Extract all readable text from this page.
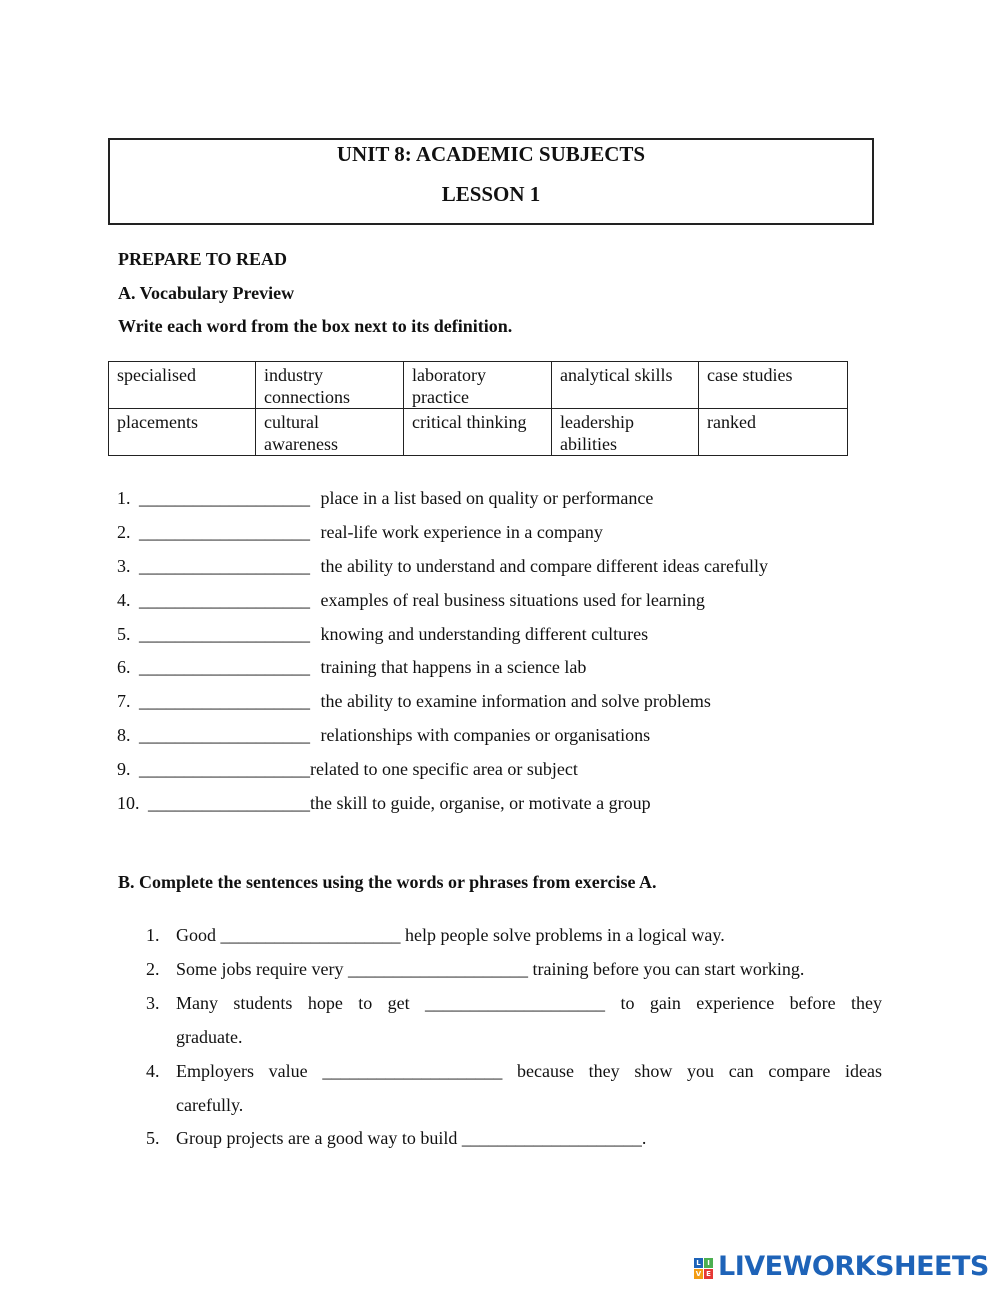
UNIT 8: ACADEMIC SUBJECTS
LESSON 1
PREPARE TO READ
A. Vocabulary Preview
Write each word from the box next to its definition.
specialised	industry connections	laboratory practice	analytical skills	case studies
placements	cultural awareness	critical thinking	leadership abilities	ranked
1. ___________________ place in a list based on quality or performance
2. ___________________ real-life work experience in a company
3. ___________________ the ability to understand and compare different ideas carefully
4. ___________________ examples of real business situations used for learning
5. ___________________ knowing and understanding different cultures
6. ___________________ training that happens in a science lab
7. ___________________ the ability to examine information and solve problems
8. ___________________ relationships with companies or organisations
9. ___________________related to one specific area or subject
10. __________________the skill to guide, organise, or motivate a group
B. Complete the sentences using the words or phrases from exercise A.
1. Good ____________________ help people solve problems in a logical way.
2. Some jobs require very ____________________ training before you can start working.
3. Many students hope to get ____________________ to gain experience before they
graduate.
4. Employers value ____________________ because they show you can compare ideas
carefully.
5. Group projects are a good way to build ____________________.
L I
V E LIVEWORKSHEETS
